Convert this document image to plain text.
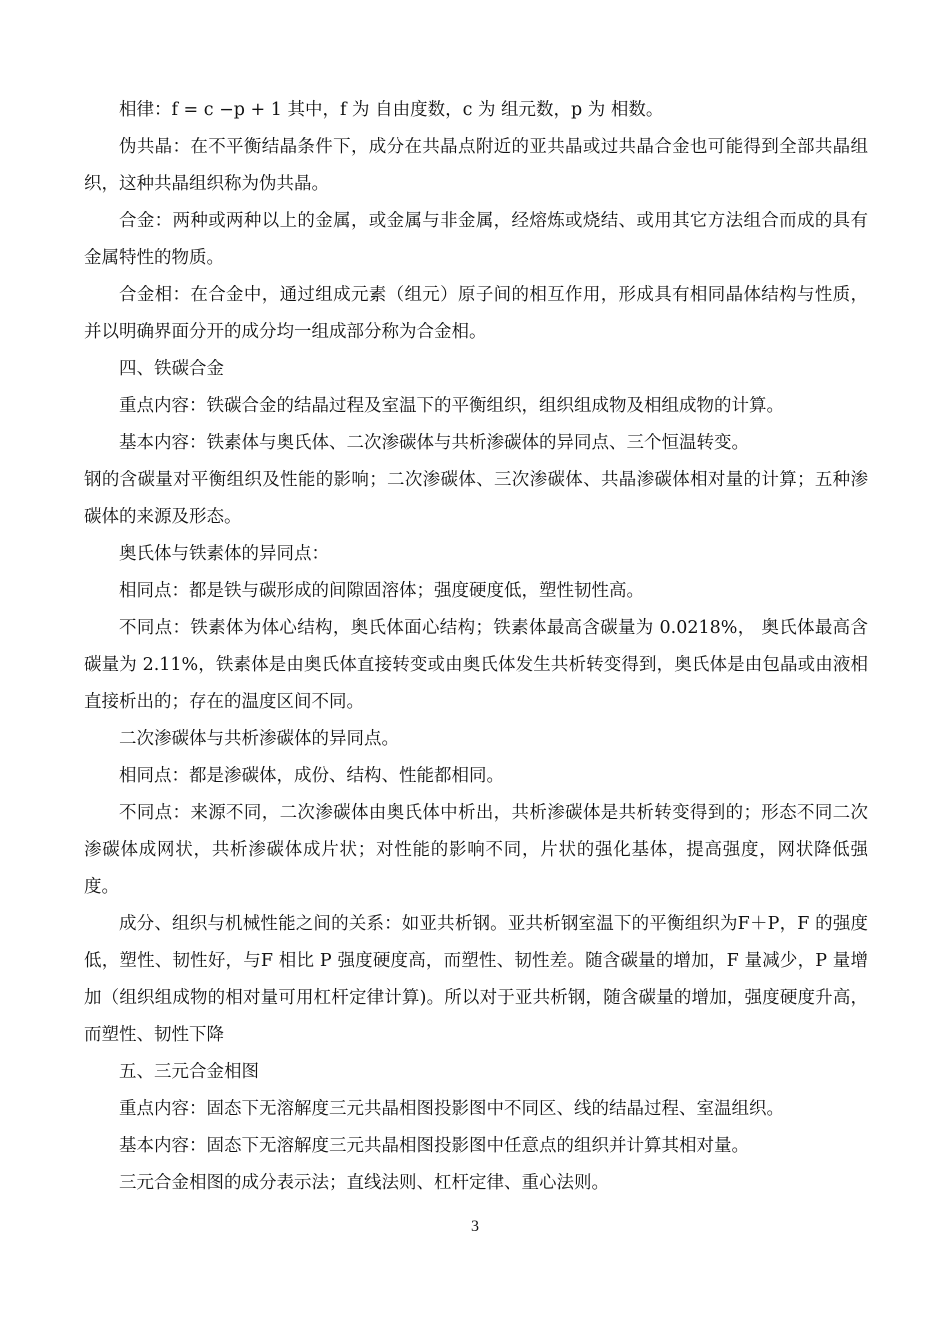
相律：f = c −p + 1 其中，f 为 自由度数，c 为 组元数，p 为 相数。

伪共晶：在不平衡结晶条件下，成分在共晶点附近的亚共晶或过共晶合金也可能得到全部共晶组织，这种共晶组织称为伪共晶。

合金：两种或两种以上的金属，或金属与非金属，经熔炼或烧结、或用其它方法组合而成的具有金属特性的物质。

合金相：在合金中，通过组成元素（组元）原子间的相互作用，形成具有相同晶体结构与性质，并以明确界面分开的成分均一组成部分称为合金相。

四、铁碳合金

重点内容：铁碳合金的结晶过程及室温下的平衡组织，组织组成物及相组成物的计算。

基本内容：铁素体与奥氏体、二次渗碳体与共析渗碳体的异同点、三个恒温转变。

钢的含碳量对平衡组织及性能的影响；二次渗碳体、三次渗碳体、共晶渗碳体相对量的计算；五种渗碳体的来源及形态。

奥氏体与铁素体的异同点：

相同点：都是铁与碳形成的间隙固溶体；强度硬度低，塑性韧性高。

不同点：铁素体为体心结构，奥氏体面心结构；铁素体最高含碳量为 0.0218%， 奥氏体最高含碳量为 2.11%，铁素体是由奥氏体直接转变或由奥氏体发生共析转变得到，奥氏体是由包晶或由液相直接析出的；存在的温度区间不同。

二次渗碳体与共析渗碳体的异同点。

相同点：都是渗碳体，成份、结构、性能都相同。

不同点：来源不同，二次渗碳体由奥氏体中析出，共析渗碳体是共析转变得到的；形态不同二次渗碳体成网状，共析渗碳体成片状；对性能的影响不同，片状的强化基体，提高强度，网状降低强度。

成分、组织与机械性能之间的关系：如亚共析钢。亚共析钢室温下的平衡组织为F＋P，F 的强度低，塑性、韧性好，与F 相比 P 强度硬度高，而塑性、韧性差。随含碳量的增加，F 量减少，P 量增加（组织组成物的相对量可用杠杆定律计算)。所以对于亚共析钢，随含碳量的增加，强度硬度升高，而塑性、韧性下降

五、三元合金相图

重点内容：固态下无溶解度三元共晶相图投影图中不同区、线的结晶过程、室温组织。

基本内容：固态下无溶解度三元共晶相图投影图中任意点的组织并计算其相对量。

三元合金相图的成分表示法；直线法则、杠杆定律、重心法则。

3
